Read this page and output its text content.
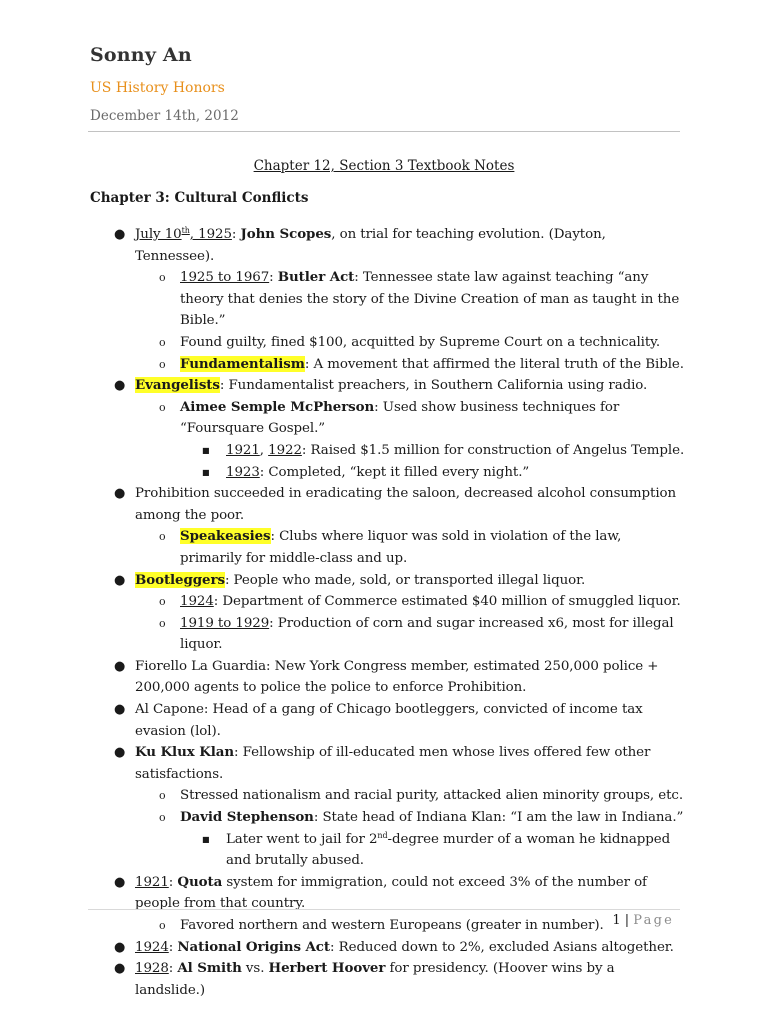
Sonny An
US History Honors
December 14th, 2012
Chapter 12, Section 3 Textbook Notes
Chapter 3: Cultural Conflicts
● July 10th, 1925: John Scopes, on trial for teaching evolution. (Dayton, Tennessee).
o 1925 to 1967: Butler Act: Tennessee state law against teaching “any theory that denies the story of the Divine Creation of man as taught in the Bible.”
o Found guilty, fined $100, acquitted by Supreme Court on a technicality.
o Fundamentalism: A movement that affirmed the literal truth of the Bible.
● Evangelists: Fundamentalist preachers, in Southern California using radio.
o Aimee Semple McPherson: Used show business techniques for “Foursquare Gospel.”
■ 1921, 1922: Raised $1.5 million for construction of Angelus Temple.
■ 1923: Completed, “kept it filled every night.”
● Prohibition succeeded in eradicating the saloon, decreased alcohol consumption among the poor.
o Speakeasies: Clubs where liquor was sold in violation of the law, primarily for middle-class and up.
● Bootleggers: People who made, sold, or transported illegal liquor.
o 1924: Department of Commerce estimated $40 million of smuggled liquor.
o 1919 to 1929: Production of corn and sugar increased x6, most for illegal liquor.
● Fiorello La Guardia: New York Congress member, estimated 250,000 police + 200,000 agents to police the police to enforce Prohibition.
● Al Capone: Head of a gang of Chicago bootleggers, convicted of income tax evasion (lol).
● Ku Klux Klan: Fellowship of ill-educated men whose lives offered few other satisfactions.
o Stressed nationalism and racial purity, attacked alien minority groups, etc.
o David Stephenson: State head of Indiana Klan: “I am the law in Indiana.”
■ Later went to jail for 2nd-degree murder of a woman he kidnapped and brutally abused.
● 1921: Quota system for immigration, could not exceed 3% of the number of people from that country.
o Favored northern and western Europeans (greater in number).
● 1924: National Origins Act: Reduced down to 2%, excluded Asians altogether.
● 1928: Al Smith vs. Herbert Hoover for presidency. (Hoover wins by a landslide.)
1 | Page
